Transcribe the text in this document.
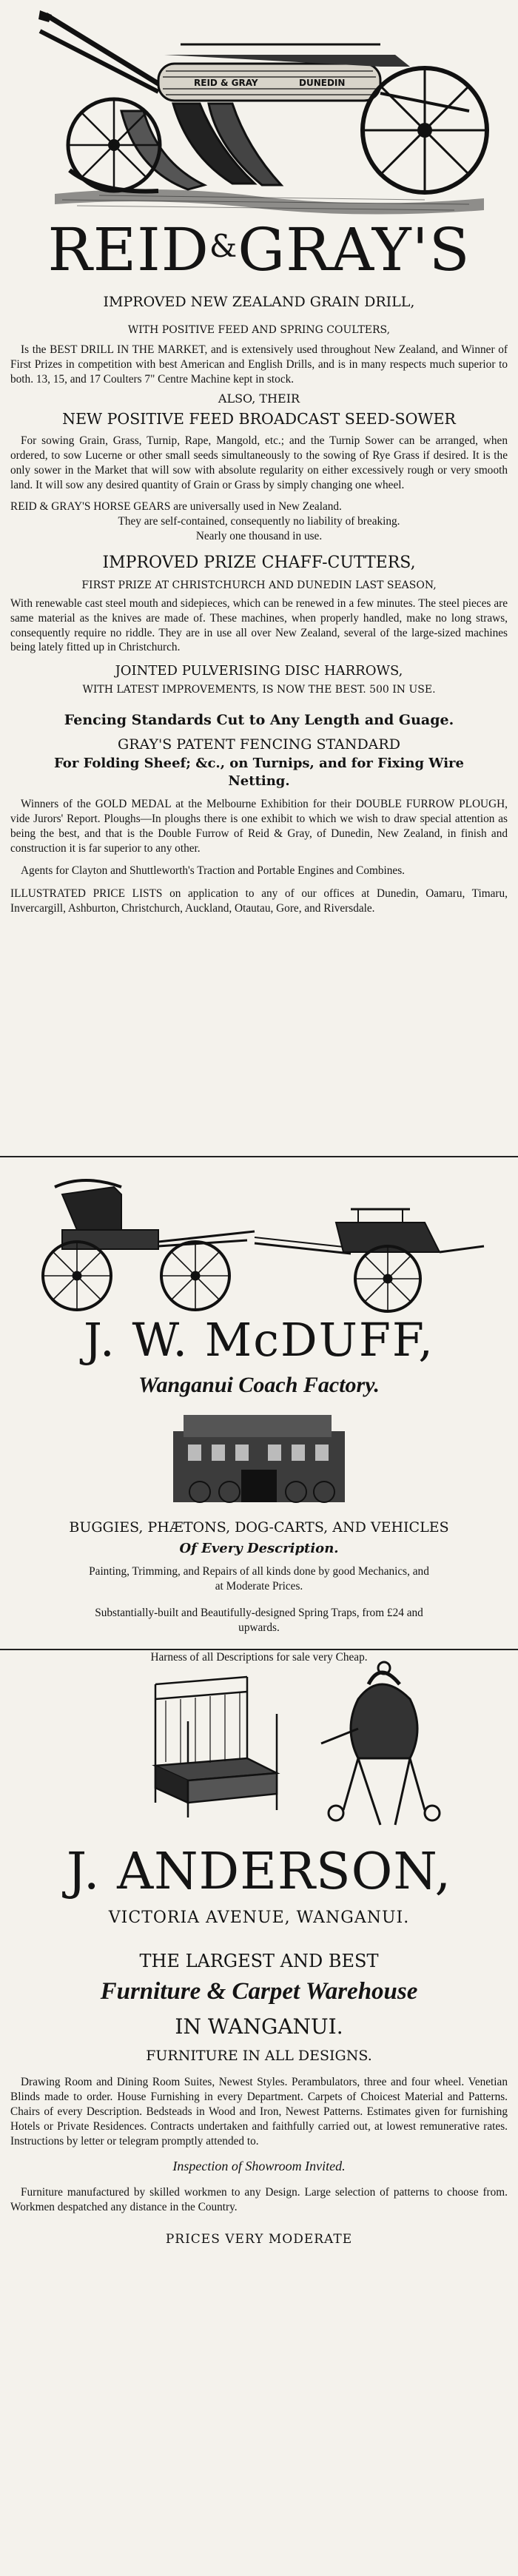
REID & GRAY	DUNEDIN
REID&GRAY'S
IMPROVED NEW ZEALAND GRAIN DRILL,
WITH POSITIVE FEED AND SPRING COULTERS,

Is the BEST DRILL IN THE MARKET, and is extensively used throughout New Zealand, and Winner of First Prizes in competition with best American and English Drills, and is in many respects much superior to both. 13, 15, and 17 Coulters 7" Centre Machine kept in stock.

ALSO, THEIR
NEW POSITIVE FEED BROADCAST SEED-SOWER

For sowing Grain, Grass, Turnip, Rape, Mangold, etc.; and the Turnip Sower can be arranged, when ordered, to sow Lucerne or other small seeds simultaneously to the sowing of Rye Grass if desired. It is the only sower in the Market that will sow with absolute regularity on either excessively rough or very smooth land. It will sow any desired quantity of Grain or Grass by simply changing one wheel.

REID & GRAY'S HORSE GEARS are universally used in New Zealand.

They are self-contained, consequently no liability of breaking.
Nearly one thousand in use.
IMPROVED PRIZE CHAFF-CUTTERS,
FIRST PRIZE AT CHRISTCHURCH AND DUNEDIN LAST SEASON,

With renewable cast steel mouth and sidepieces, which can be renewed in a few minutes. The steel pieces are same material as the knives are made of. These machines, when properly handled, make no long straws, consequently require no riddle. They are in use all over New Zealand, several of the large-sized machines being lately fitted up in Christchurch.

JOINTED PULVERISING DISC HARROWS,
WITH LATEST IMPROVEMENTS, IS NOW THE BEST. 500 IN USE.
Fencing Standards Cut to Any Length and Guage.
GRAY'S PATENT FENCING STANDARD
For Folding Sheef; &c., on Turnips, and for Fixing Wire
Netting.

Winners of the GOLD MEDAL at the Melbourne Exhibition for their DOUBLE FURROW PLOUGH, vide Jurors' Report. Ploughs—In ploughs there is one exhibit to which we wish to draw special attention as being the best, and that is the Double Furrow of Reid & Gray, of Dunedin, New Zealand, in finish and construction it is far superior to any other.

Agents for Clayton and Shuttleworth's Traction and Portable Engines and Combines.

ILLUSTRATED PRICE LISTS on application to any of our offices at Dunedin, Oamaru, Timaru, Invercargill, Ashburton, Christchurch, Auckland, Otautau, Gore, and Riversdale.

J. W. McDUFF,
Wanganui Coach Factory.
BUGGIES, PHÆTONS, DOG-CARTS, AND VEHICLES
Of Every Description.
Painting, Trimming, and Repairs of all kinds done by good Mechanics, and
at Moderate Prices.
Substantially-built and Beautifully-designed Spring Traps, from £24 and
upwards.
Harness of all Descriptions for sale very Cheap.
J. ANDERSON,
VICTORIA AVENUE, WANGANUI.
THE LARGEST AND BEST
Furniture & Carpet Warehouse
IN WANGANUI.
FURNITURE IN ALL DESIGNS.

Drawing Room and Dining Room Suites, Newest Styles. Perambulators, three and four wheel. Venetian Blinds made to order. House Furnishing in every Department. Carpets of Choicest Material and Patterns. Chairs of every Description. Bedsteads in Wood and Iron, Newest Patterns. Estimates given for furnishing Hotels or Private Residences. Contracts undertaken and faithfully carried out, at lowest remunerative rates. Instructions by letter or telegram promptly attended to.

Inspection of Showroom Invited.

Furniture manufactured by skilled workmen to any Design. Large selection of patterns to choose from. Workmen despatched any distance in the Country.

PRICES VERY MODERATE
